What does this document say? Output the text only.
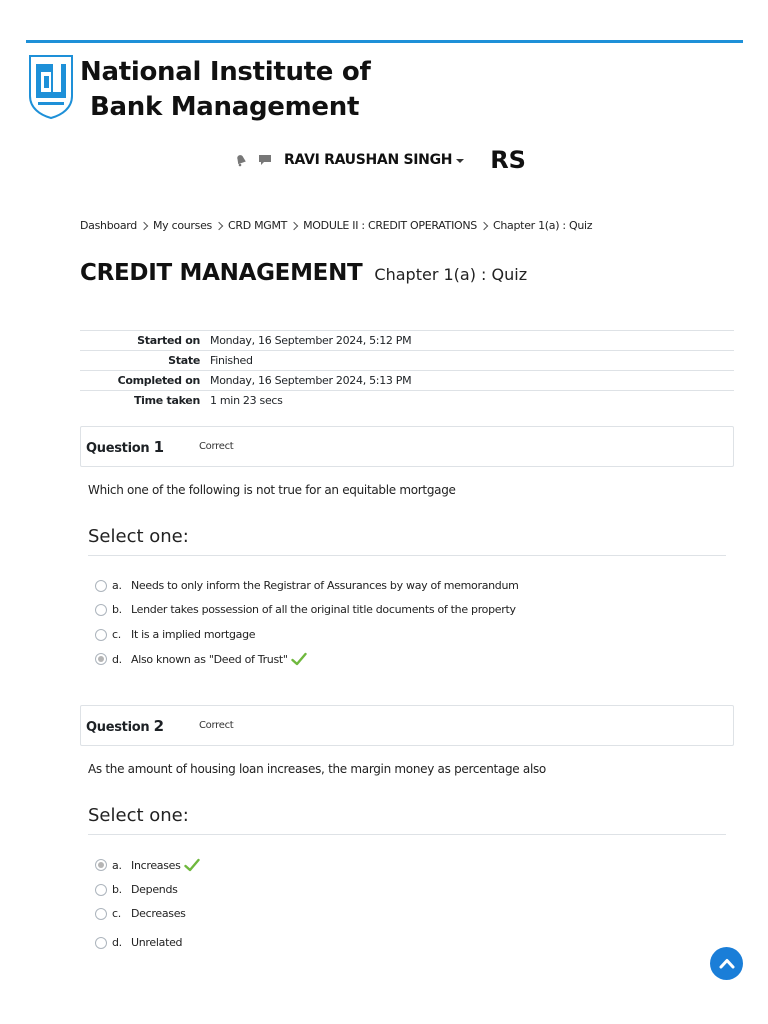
National Institute of
Bank Management
RAVI RAUSHAN SINGH RS
Dashboard My courses CRD MGMT MODULE II : CREDIT OPERATIONS Chapter 1(a) : Quiz
CREDIT MANAGEMENT Chapter 1(a) : Quiz
Started on	Monday, 16 September 2024, 5:12 PM
State	Finished
Completed on	Monday, 16 September 2024, 5:13 PM
Time taken	1 min 23 secs
Question 1	Correct
Which one of the following is not true for an equitable mortgage
Select one:
a. Needs to only inform the Registrar of Assurances by way of memorandum
b. Lender takes possession of all the original title documents of the property
c. It is a implied mortgage
d. Also known as "Deed of Trust"
Question 2	Correct
As the amount of housing loan increases, the margin money as percentage also
Select one:
a. Increases
b. Depends
c. Decreases
d. Unrelated
